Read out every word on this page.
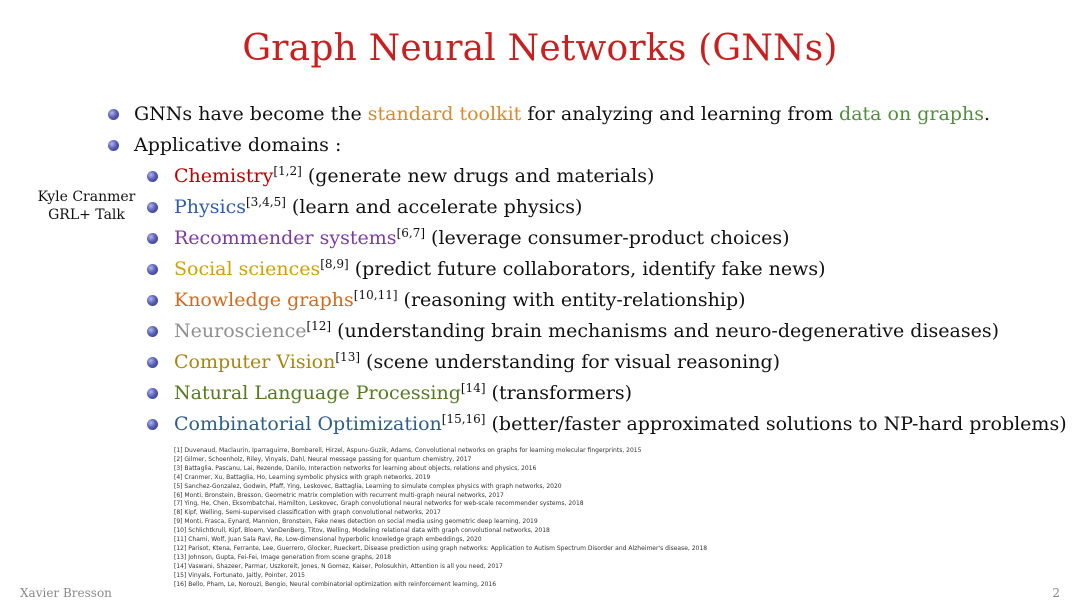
Graph Neural Networks (GNNs)
GNNs have become the standard toolkit for analyzing and learning from data on graphs.
Applicative domains :
Kyle Cranmer
GRL+ Talk
Chemistry[1,2] (generate new drugs and materials)
Physics[3,4,5] (learn and accelerate physics)
Recommender systems[6,7] (leverage consumer-product choices)
Social sciences[8,9] (predict future collaborators, identify fake news)
Knowledge graphs[10,11] (reasoning with entity-relationship)
Neuroscience[12] (understanding brain mechanisms and neuro-degenerative diseases)
Computer Vision[13] (scene understanding for visual reasoning)
Natural Language Processing[14] (transformers)
Combinatorial Optimization[15,16] (better/faster approximated solutions to NP-hard problems)
[1] Duvenaud, Maclaurin, Iparraguirre, Bombarell, Hirzel, Aspuru-Guzik, Adams, Convolutional networks on graphs for learning molecular fingerprints, 2015
[2] Gilmer, Schoenholz, Riley, Vinyals, Dahl, Neural message passing for quantum chemistry, 2017
[3] Battaglia, Pascanu, Lai, Rezende, Danilo, Interaction networks for learning about objects, relations and physics, 2016
[4] Cranmer, Xu, Battaglia, Ho, Learning symbolic physics with graph networks, 2019
[5] Sanchez-Gonzalez, Godwin, Pfaff, Ying, Leskovec, Battaglia, Learning to simulate complex physics with graph networks, 2020
[6] Monti, Bronstein, Bresson, Geometric matrix completion with recurrent multi-graph neural networks, 2017
[7] Ying, He, Chen, Eksombatchai, Hamilton, Leskovec, Graph convolutional neural networks for web-scale recommender systems, 2018
[8] Kipf, Welling, Semi-supervised classification with graph convolutional networks, 2017
[9] Monti, Frasca, Eynard, Mannion, Bronstein, Fake news detection on social media using geometric deep learning, 2019
[10] Schlichtkrull, Kipf, Bloem, VanDenBerg, Titov, Welling, Modeling relational data with graph convolutional networks, 2018
[11] Chami, Wolf, Juan Sala Ravi, Re, Low-dimensional hyperbolic knowledge graph embeddings, 2020
[12] Parisot, Ktena, Ferrante, Lee, Guerrero, Glocker, Rueckert, Disease prediction using graph networks: Application to Autism Spectrum Disorder and Alzheimer's disease, 2018
[13] Johnson, Gupta, Fei-Fei, Image generation from scene graphs, 2018
[14] Vaswani, Shazeer, Parmar, Uszkoreit, Jones, N Gomez, Kaiser, Polosukhin, Attention is all you need, 2017
[15] Vinyals, Fortunato, Jaitly, Pointer, 2015
[16] Bello, Pham, Le, Norouzi, Bengio, Neural combinatorial optimization with reinforcement learning, 2016
Xavier Bresson	2
